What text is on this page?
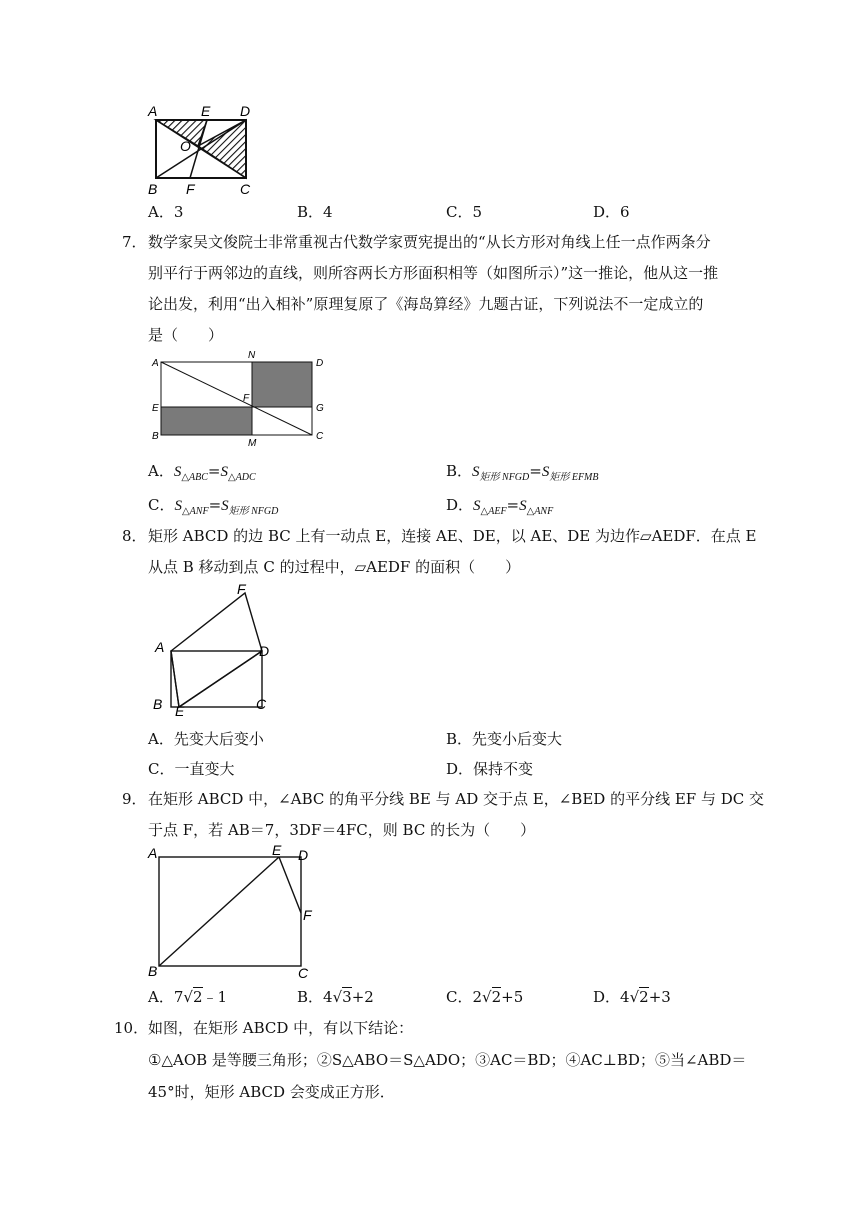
A	E D
O
B F	C
A．3	B．4	C．5	D．6
7． 数学家吴文俊院士非常重视古代数学家贾宪提出的“从长方形对角线上任一点作两条分
别平行于两邻边的直线，则所容两长方形面积相等（如图所示）”这一推论，他从这一推
论出发，利用“出入相补”原理复原了《海岛算经》九题古证，下列说法不一定成立的
是（　　）
A
N
D
E
F
G
B
M
C
A．$S_{\triangle ABC}=S_{\triangle ADC}$	B．$S_{矩形 NFGD}=S_{矩形 EFMB}$
C．$S_{\triangle ANF}=S_{矩形 NFGD}$	D．$S_{\triangle AEF}=S_{\triangle ANF}$
8． 矩形 ABCD 的边 BC 上有一动点 E，连接 AE、DE，以 AE、DE 为边作▱AEDF．在点 E
从点 B 移动到点 C 的过程中，▱AEDF 的面积（　　）
F
A	D
B E	C
A．先变大后变小	B．先变小后变大
C．一直变大	D．保持不变
9． 在矩形 ABCD 中，∠ABC 的角平分线 BE 与 AD 交于点 E，∠BED 的平分线 EF 与 DC 交
于点 F，若 AB＝7，3DF＝4FC，则 BC 的长为（　　）
A	E D
F
B	C
A．7√2﹣1	B．4√3+2	C．2√2+5	D．4√2+3
10． 如图，在矩形 ABCD 中，有以下结论：
①△AOB 是等腰三角形；②S△ABO＝S△ADO；③AC＝BD；④AC⊥BD；⑤当∠ABD＝
45°时，矩形 ABCD 会变成正方形．
